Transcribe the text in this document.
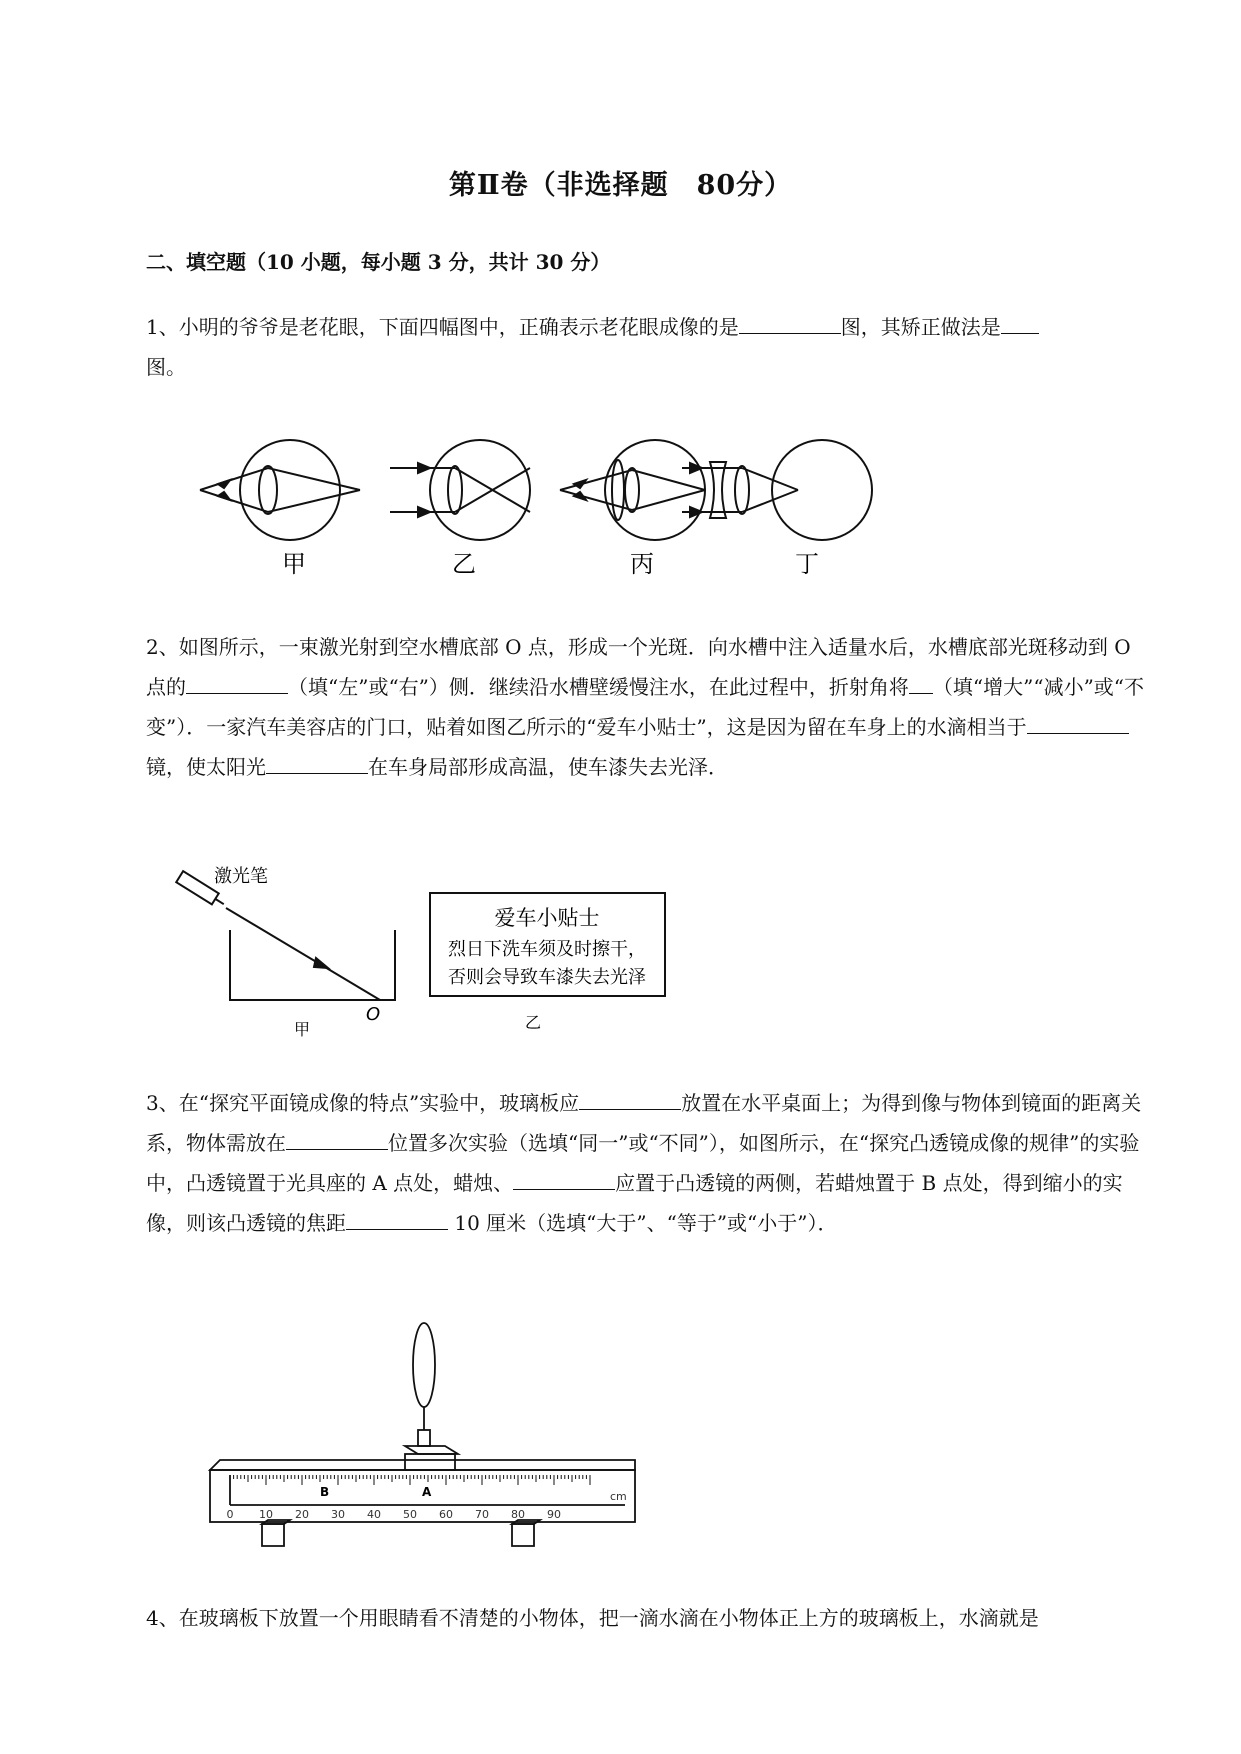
第Ⅱ卷（非选择题　80分）
二、填空题（10 小题，每小题 3 分，共计 30 分）
1、小明的爷爷是老花眼，下面四幅图中，正确表示老花眼成像的是	图，其矫正做法是
图。
甲	乙	丙	丁
2、如图所示，一束激光射到空水槽底部 O 点，形成一个光斑．向水槽中注入适量水后，水槽底部光斑移动到 O 点的	（填“左”或“右”）侧．继续沿水槽壁缓慢注水，在此过程中，折射角将 （填“增大”“减小”或“不变”）．一家汽车美容店的门口，贴着如图乙所示的“爱车小贴士”，这是因为留在车身上的水滴相当于镜，使太阳光	在车身局部形成高温，使车漆失去光泽．
激光笔
O
甲
爱车小贴士
烈日下洗车须及时擦干，
否则会导致车漆失去光泽
乙
3、在“探究平面镜成像的特点”实验中，玻璃板应	放置在水平桌面上；为得到像与物体到镜面的距离关系，物体需放在	位置多次实验（选填“同一”或“不同”），如图所示，在“探究凸透镜成像的规律”的实验中，凸透镜置于光具座的 A 点处，蜡烛、	应置于凸透镜的两侧，若蜡烛置于 B 点处，得到缩小的实像，则该凸透镜的焦距	10 厘米（选填“大于”、“等于”或“小于”）．
0 10 20 30 40 50 60 70 80 90
cm
B	A
4、在玻璃板下放置一个用眼睛看不清楚的小物体，把一滴水滴在小物体正上方的玻璃板上，水滴就是
